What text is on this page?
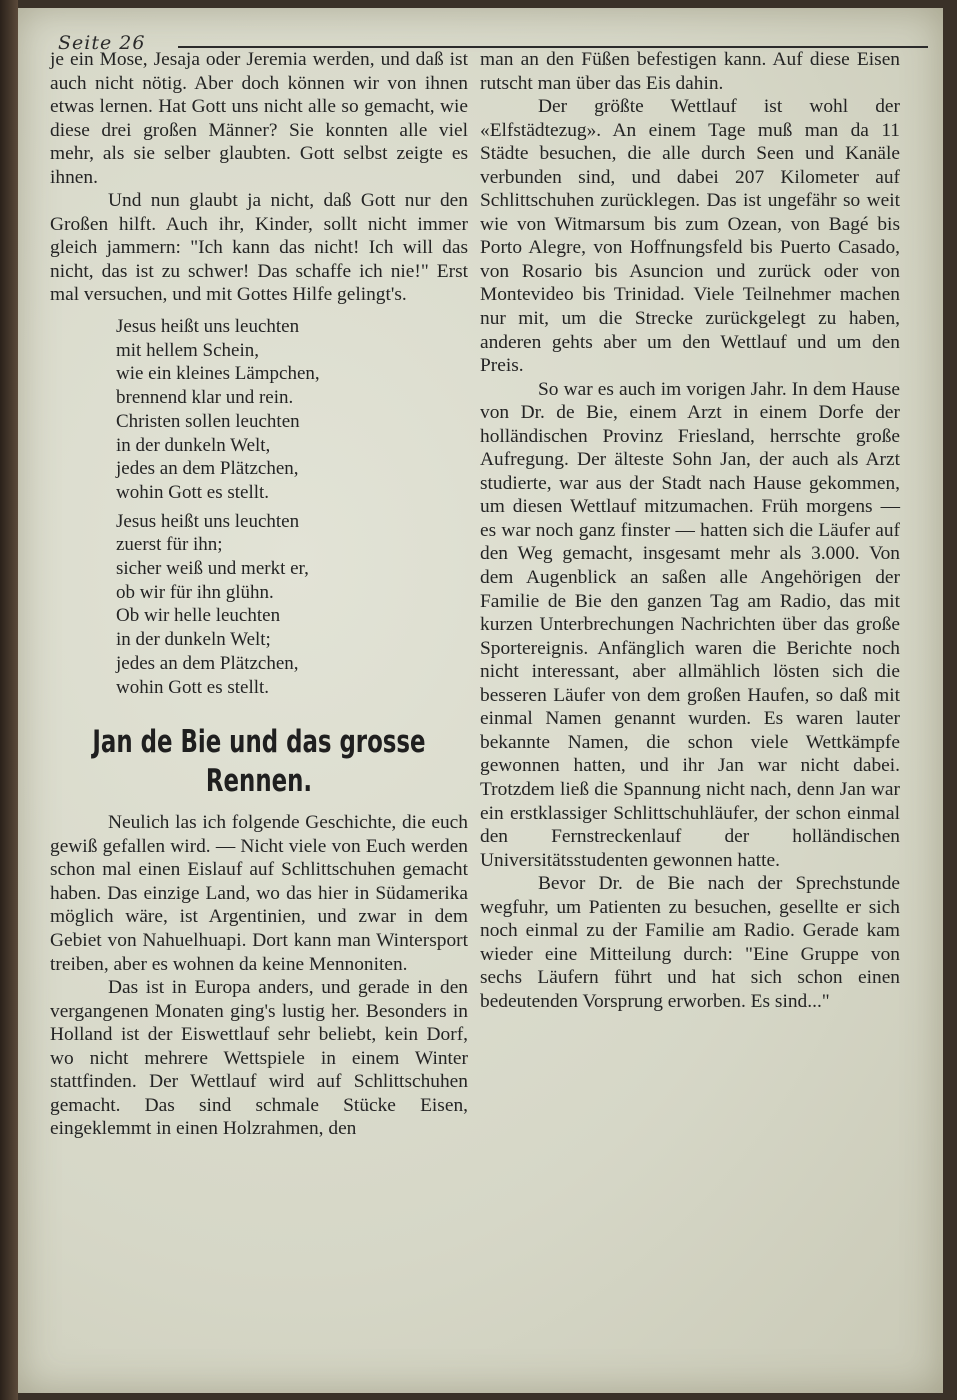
Seite 26

je ein Mose, Jesaja oder Jeremia werden, und daß ist auch nicht nötig. Aber doch können wir von ihnen etwas lernen. Hat Gott uns nicht alle so gemacht, wie diese drei großen Männer? Sie konnten alle viel mehr, als sie selber glaubten. Gott selbst zeigte es ihnen.

Und nun glaubt ja nicht, daß Gott nur den Großen hilft. Auch ihr, Kinder, sollt nicht immer gleich jammern: "Ich kann das nicht! Ich will das nicht, das ist zu schwer! Das schaffe ich nie!" Erst mal versuchen, und mit Gottes Hilfe gelingt's.

Jesus heißt uns leuchten
mit hellem Schein,
wie ein kleines Lämpchen,
brennend klar und rein.
Christen sollen leuchten
in der dunkeln Welt,
jedes an dem Plätzchen,
wohin Gott es stellt.
Jesus heißt uns leuchten
zuerst für ihn;
sicher weiß und merkt er,
ob wir für ihn glühn.
Ob wir helle leuchten
in der dunkeln Welt;
jedes an dem Plätzchen,
wohin Gott es stellt.
Jan de Bie und das grosse Rennen.

Neulich las ich folgende Geschichte, die euch gewiß gefallen wird. — Nicht viele von Euch werden schon mal einen Eislauf auf Schlittschuhen gemacht haben. Das einzige Land, wo das hier in Südamerika möglich wäre, ist Argentinien, und zwar in dem Gebiet von Nahuelhuapi. Dort kann man Wintersport treiben, aber es wohnen da keine Mennoniten.

Das ist in Europa anders, und gerade in den vergangenen Monaten ging's lustig her. Besonders in Holland ist der Eiswettlauf sehr beliebt, kein Dorf, wo nicht mehrere Wettspiele in einem Winter stattfinden. Der Wettlauf wird auf Schlittschuhen gemacht. Das sind schmale Stücke Eisen, eingeklemmt in einen Holzrahmen, den

man an den Füßen befestigen kann. Auf diese Eisen rutscht man über das Eis dahin.

Der größte Wettlauf ist wohl der «Elfstädtezug». An einem Tage muß man da 11 Städte besuchen, die alle durch Seen und Kanäle verbunden sind, und dabei 207 Kilometer auf Schlittschuhen zurücklegen. Das ist ungefähr so weit wie von Witmarsum bis zum Ozean, von Bagé bis Porto Alegre, von Hoffnungsfeld bis Puerto Casado, von Rosario bis Asuncion und zurück oder von Montevideo bis Trinidad. Viele Teilnehmer machen nur mit, um die Strecke zurückgelegt zu haben, anderen gehts aber um den Wettlauf und um den Preis.

So war es auch im vorigen Jahr. In dem Hause von Dr. de Bie, einem Arzt in einem Dorfe der holländischen Provinz Friesland, herrschte große Aufregung. Der älteste Sohn Jan, der auch als Arzt studierte, war aus der Stadt nach Hause gekommen, um diesen Wettlauf mitzumachen. Früh morgens — es war noch ganz finster — hatten sich die Läufer auf den Weg gemacht, insgesamt mehr als 3.000. Von dem Augenblick an saßen alle Angehörigen der Familie de Bie den ganzen Tag am Radio, das mit kurzen Unterbrechungen Nachrichten über das große Sportereignis. Anfänglich waren die Berichte noch nicht interessant, aber allmählich lösten sich die besseren Läufer von dem großen Haufen, so daß mit einmal Namen genannt wurden. Es waren lauter bekannte Namen, die schon viele Wettkämpfe gewonnen hatten, und ihr Jan war nicht dabei. Trotzdem ließ die Spannung nicht nach, denn Jan war ein erstklassiger Schlittschuhläufer, der schon einmal den Fernstreckenlauf der holländischen Universitätsstudenten gewonnen hatte.

Bevor Dr. de Bie nach der Sprechstunde wegfuhr, um Patienten zu besuchen, gesellte er sich noch einmal zu der Familie am Radio. Gerade kam wieder eine Mitteilung durch: "Eine Gruppe von sechs Läufern führt und hat sich schon einen bedeutenden Vorsprung erworben. Es sind..."
